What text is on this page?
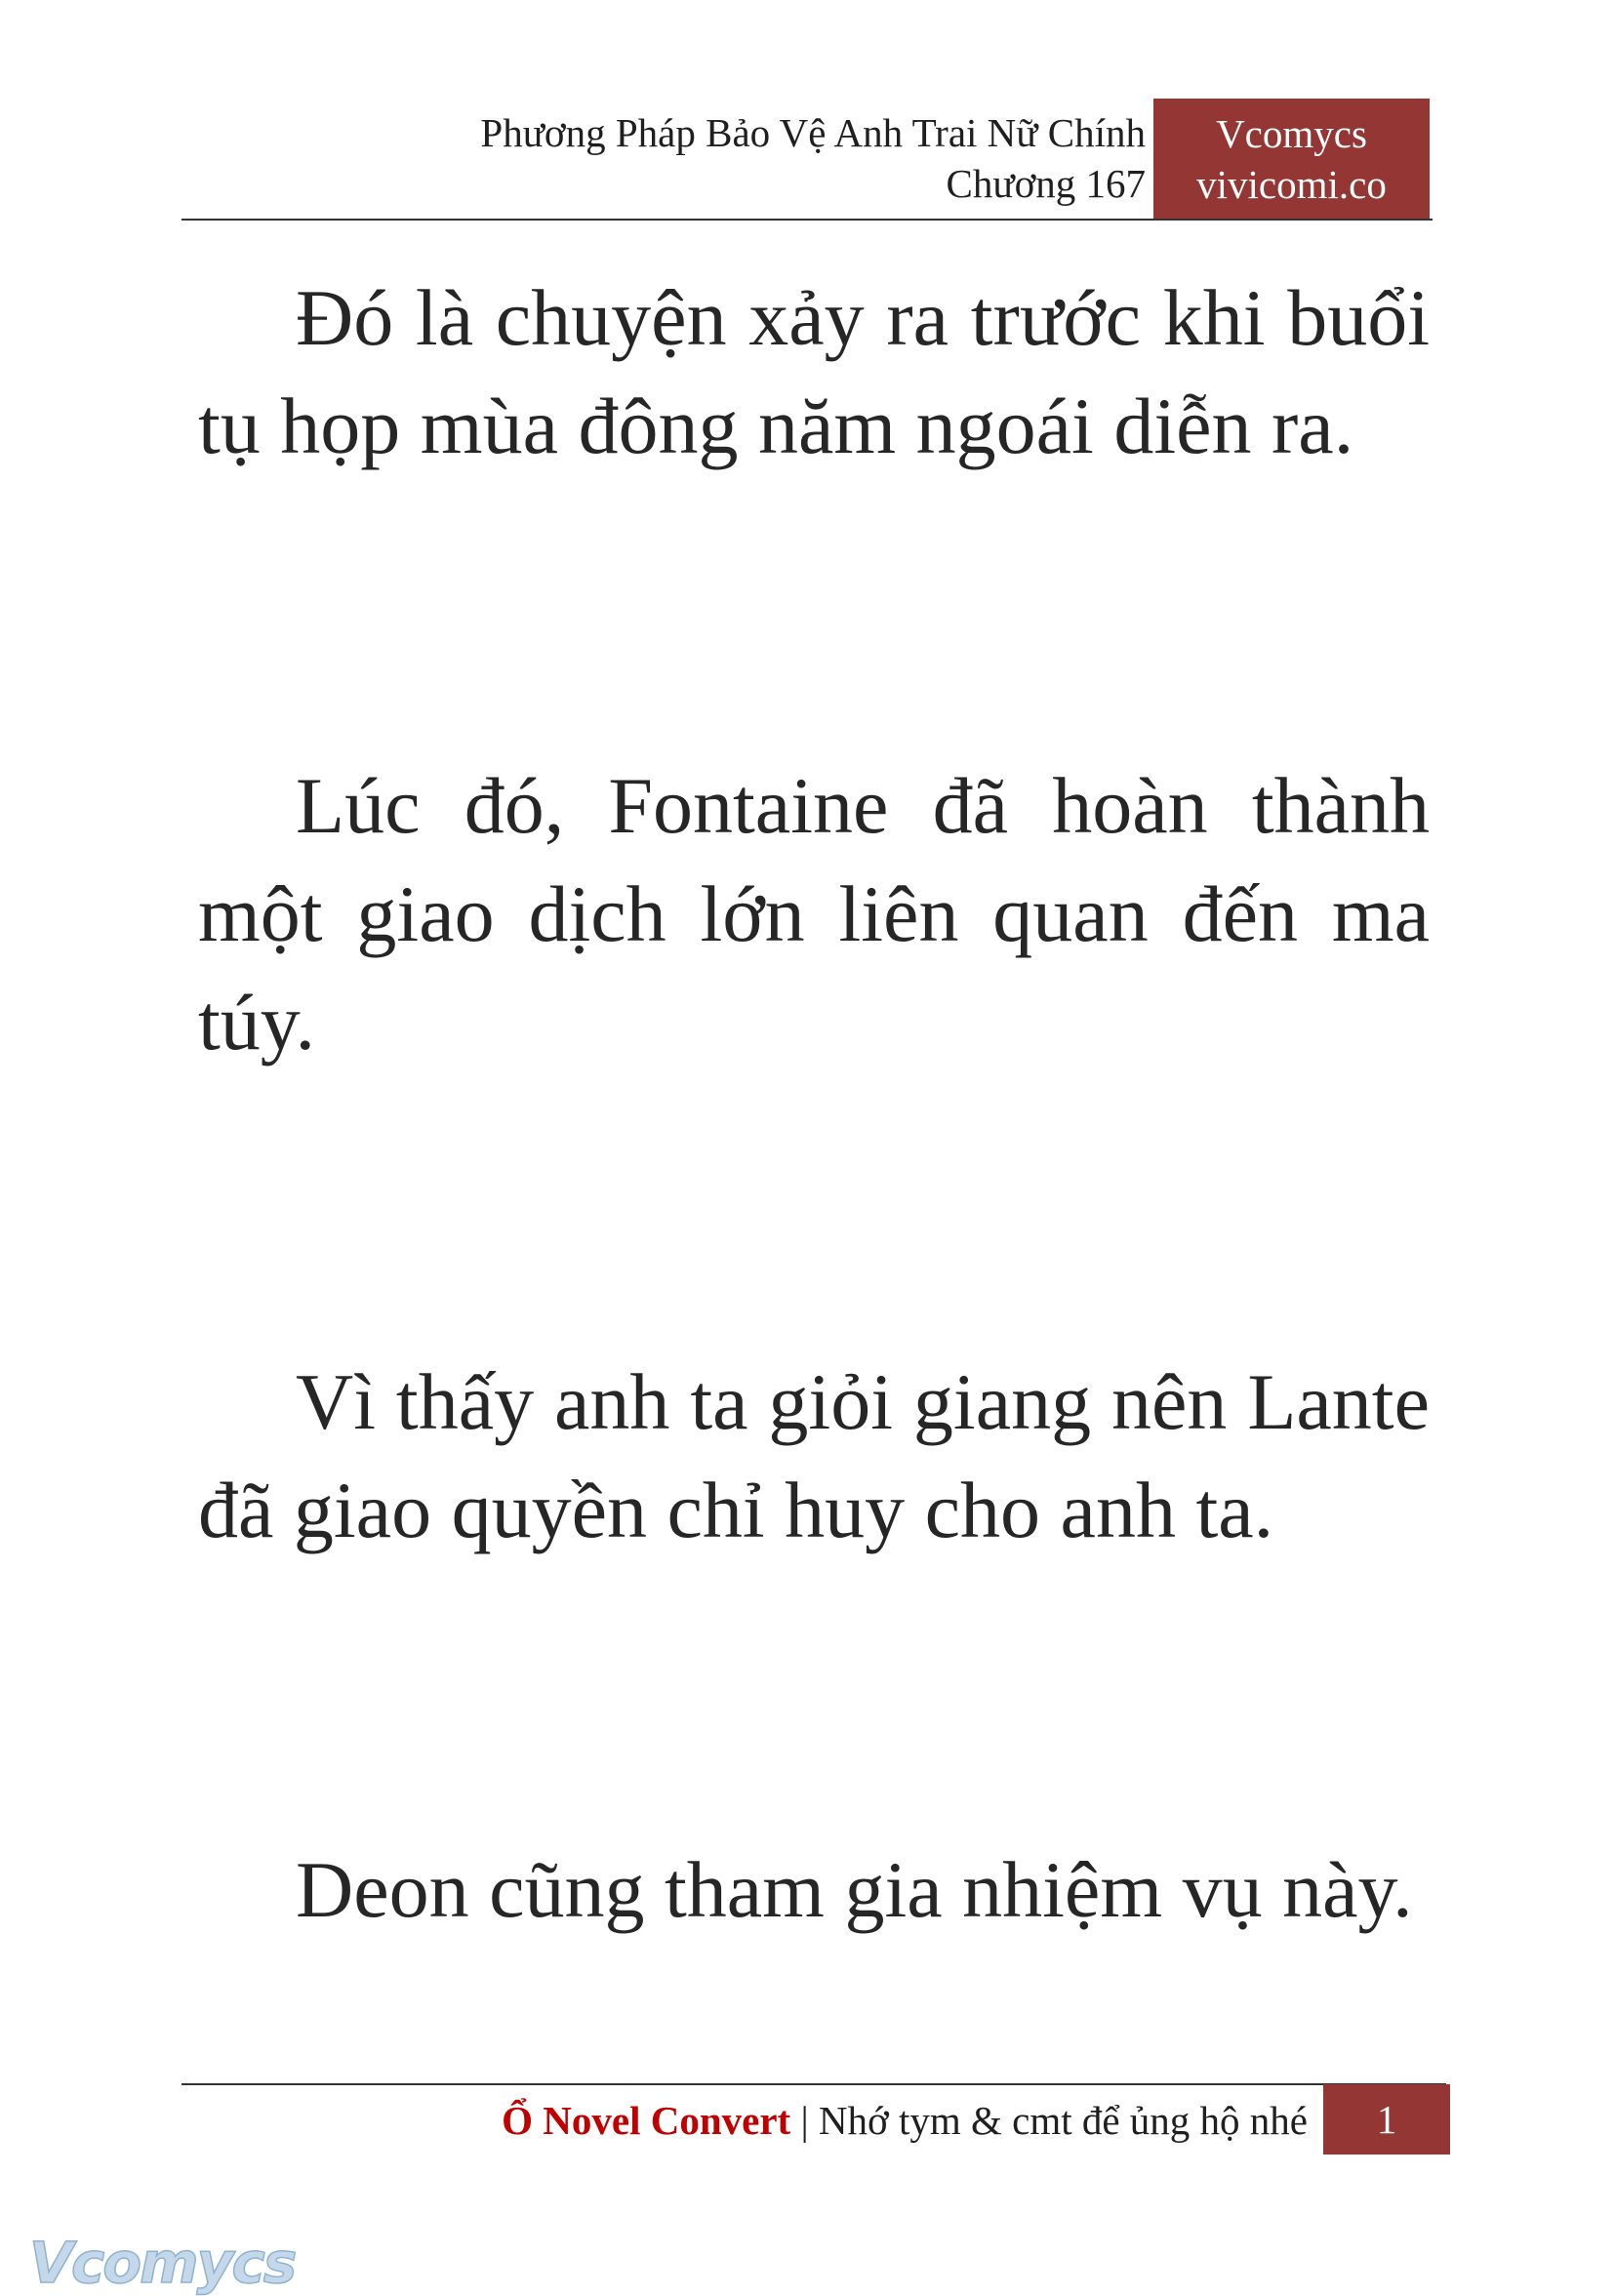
Phương Pháp Bảo Vệ Anh Trai Nữ Chính
Chương 167
Vcomycs
vivicomi.co

Đó là chuyện xảy ra trước khi buổi tụ họp mùa đông năm ngoái diễn ra.

Lúc đó, Fontaine đã hoàn thành một giao dịch lớn liên quan đến ma túy.

Vì thấy anh ta giỏi giang nên Lante đã giao quyền chỉ huy cho anh ta.

Deon cũng tham gia nhiệm vụ này.

Ổ Novel Convert | Nhớ tym & cmt để ủng hộ nhé	1
Vcomycs
